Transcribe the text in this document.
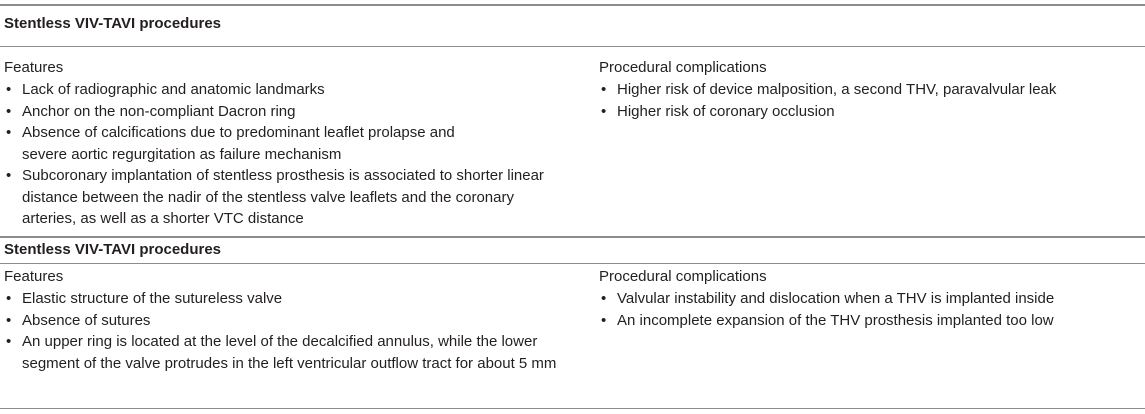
Stentless VIV-TAVI procedures

Features

• Lack of radiographic and anatomic landmarks
• Anchor on the non-compliant Dacron ring
• Absence of calcifications due to predominant leaflet prolapse and severe aortic regurgitation as failure mechanism
• Subcoronary implantation of stentless prosthesis is associated to shorter linear distance between the nadir of the stentless valve leaflets and the coronary arteries, as well as a shorter VTC distance

Procedural complications

• Higher risk of device malposition, a second THV, paravalvular leak
• Higher risk of coronary occlusion
Stentless VIV-TAVI procedures

Features

• Elastic structure of the sutureless valve
• Absence of sutures
• An upper ring is located at the level of the decalcified annulus, while the lower segment of the valve protrudes in the left ventricular outflow tract for about 5 mm

Procedural complications

• Valvular instability and dislocation when a THV is implanted inside
• An incomplete expansion of the THV prosthesis implanted too low
